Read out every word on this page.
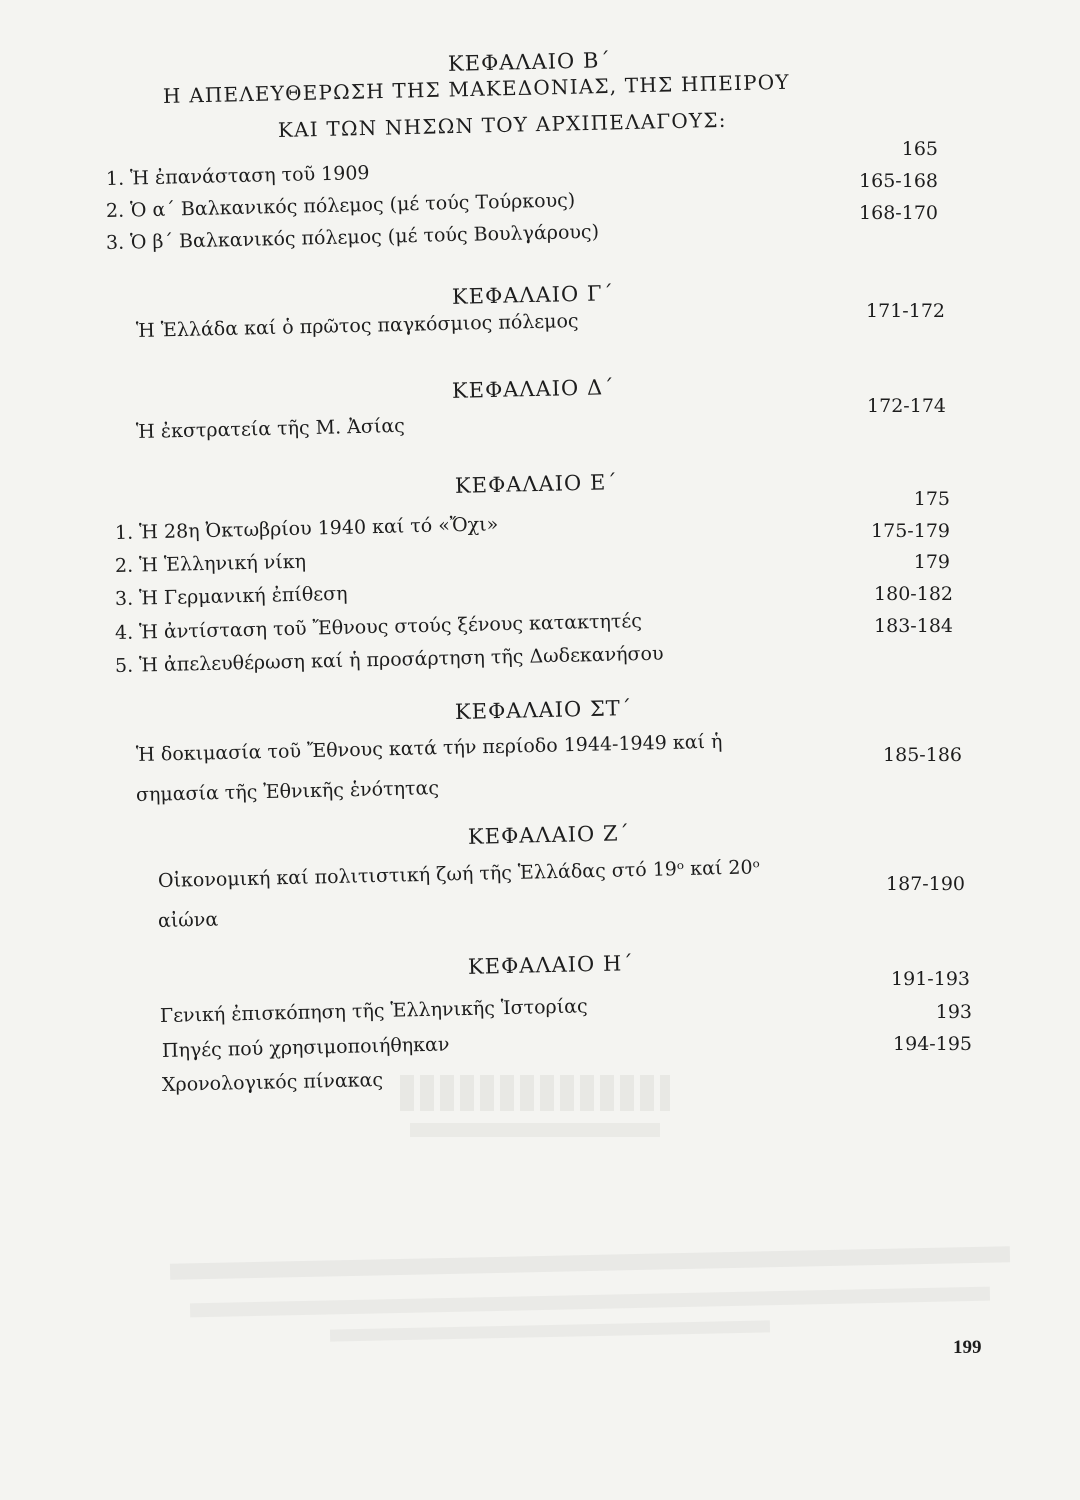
ΚΕΦΑΛΑΙΟ Β΄
Η ΑΠΕΛΕΥΘΕΡΩΣΗ ΤΗΣ ΜΑΚΕΔΟΝΙΑΣ, ΤΗΣ ΗΠΕΙΡΟΥ
ΚΑΙ ΤΩΝ ΝΗΣΩΝ ΤΟΥ ΑΡΧΙΠΕΛΑΓΟΥΣ:
165
1. Ἡ ἐπανάσταση τοῦ 1909	165-168
2. Ὁ α΄ Βαλκανικός πόλεμος (μέ τούς Τούρκους)	168-170
3. Ὁ β΄ Βαλκανικός πόλεμος (μέ τούς Βουλγάρους)
ΚΕΦΑΛΑΙΟ Γ΄
Ἡ Ἑλλάδα καί ὁ πρῶτος παγκόσμιος πόλεμος	171-172
ΚΕΦΑΛΑΙΟ Δ΄
Ἡ ἐκστρατεία τῆς Μ. Ἀσίας
172-174
ΚΕΦΑΛΑΙΟ Ε΄
175
1. Ἡ 28η Ὀκτωβρίου 1940 καί τό «Ὄχι»	175-179
2. Ἡ Ἑλληνική νίκη	179
3. Ἡ Γερμανική ἐπίθεση	180-182
4. Ἡ ἀντίσταση τοῦ Ἔθνους στούς ξένους κατακτητές	183-184
5. Ἡ ἀπελευθέρωση καί ἡ προσάρτηση τῆς Δωδεκανήσου
ΚΕΦΑΛΑΙΟ ΣΤ΄
Ἡ δοκιμασία τοῦ Ἔθνους κατά τήν περίοδο 1944-1949 καί ἡ
σημασία τῆς Ἐθνικῆς ἑνότητας
185-186
ΚΕΦΑΛΑΙΟ Ζ΄
Οἰκονομική καί πολιτιστική ζωή τῆς Ἑλλάδας στό 19ᵒ καί 20ᵒ
αἰώνα
187-190
ΚΕΦΑΛΑΙΟ Η΄
191-193
Γενική ἐπισκόπηση τῆς Ἑλληνικῆς Ἱστορίας	193
Πηγές πού χρησιμοποιήθηκαν	194-195
Χρονολογικός πίνακας
199
